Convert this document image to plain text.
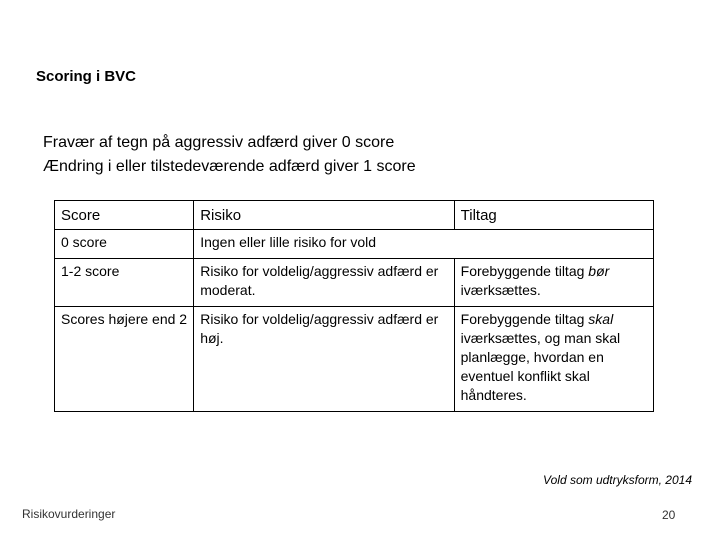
Scoring i BVC
Fravær af tegn på aggressiv adfærd giver 0 score
Ændring i eller tilstedeværende adfærd giver 1 score
Score	Risiko	Tiltag
0 score	Ingen eller lille risiko for vold	
1-2 score	Risiko for voldelig/aggressiv adfærd er moderat.	Forebyggende tiltag bør iværksættes.
Scores højere end 2	Risiko for voldelig/aggressiv adfærd er høj.	Forebyggende tiltag skal iværksættes, og man skal planlægge, hvordan en eventuel konflikt skal håndteres.
Vold som udtryksform, 2014
Risikovurderinger	20
